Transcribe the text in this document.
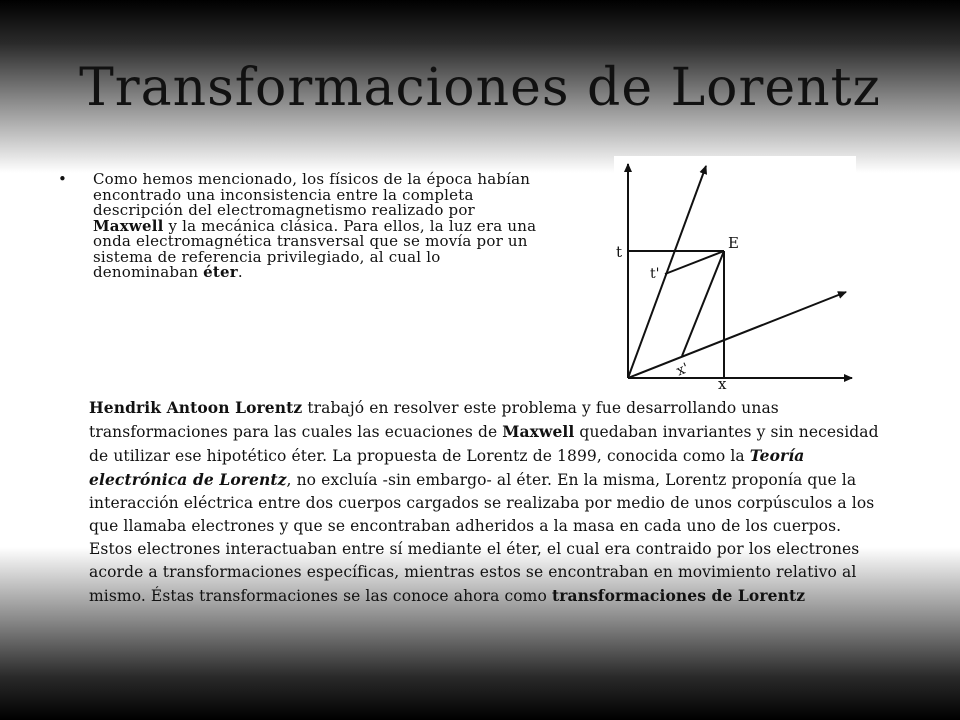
Transformaciones de Lorentz
• Como hemos mencionado, los físicos de la época habían encontrado una inconsistencia entre la completa descripción del electromagnetismo realizado por Maxwell y la mecánica clásica. Para ellos, la luz era una onda electromagnética transversal que se movía por un sistema de referencia privilegiado, al cual lo denominaban éter.
t	E
t'
x'
x
Hendrik Antoon Lorentz trabajó en resolver este problema y fue desarrollando unas transformaciones para las cuales las ecuaciones de Maxwell quedaban invariantes y sin necesidad de utilizar ese hipotético éter. La propuesta de Lorentz de 1899, conocida como la Teoría electrónica de Lorentz, no excluía -sin embargo- al éter. En la misma, Lorentz proponía que la interacción eléctrica entre dos cuerpos cargados se realizaba por medio de unos corpúsculos a los que llamaba electrones y que se encontraban adheridos a la masa en cada uno de los cuerpos. Estos electrones interactuaban entre sí mediante el éter, el cual era contraido por los electrones acorde a transformaciones específicas, mientras estos se encontraban en movimiento relativo al mismo. Éstas transformaciones se las conoce ahora como transformaciones de Lorentz
